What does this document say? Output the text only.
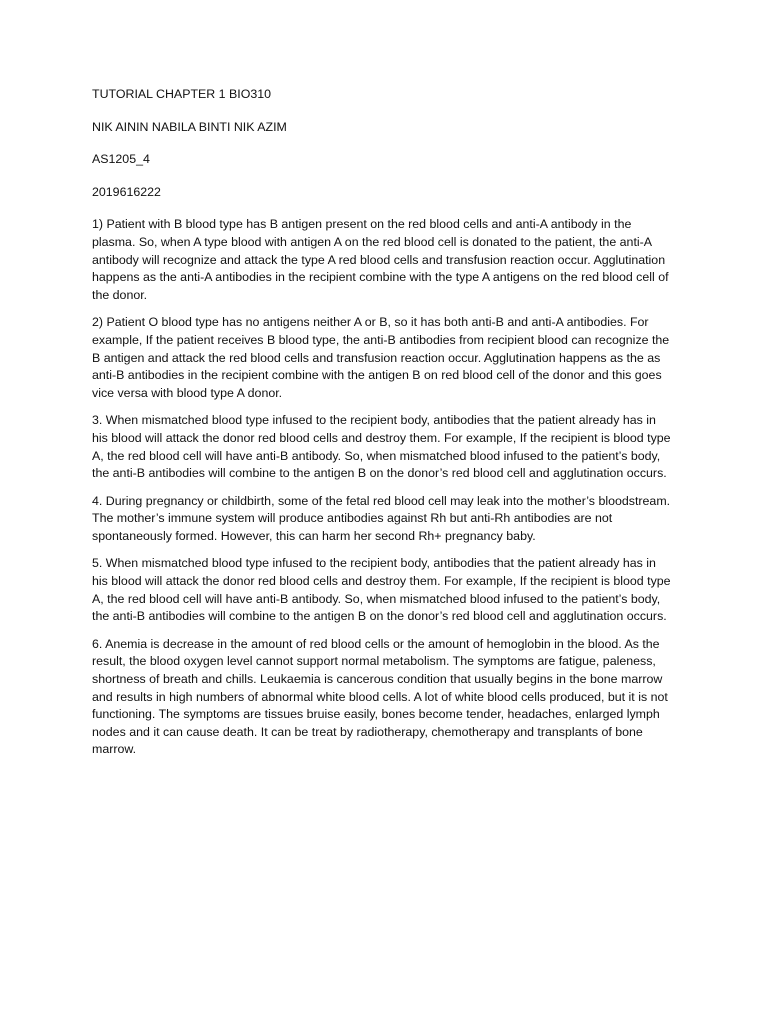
TUTORIAL CHAPTER 1 BIO310

NIK AININ NABILA BINTI NIK AZIM

AS1205_4

2019616222

1) Patient with B blood type has B antigen present on the red blood cells and anti-A antibody in the plasma. So, when A type blood with antigen A on the red blood cell is donated to the patient, the anti-A antibody will recognize and attack the type A red blood cells and transfusion reaction occur. Agglutination happens as the anti-A antibodies in the recipient combine with the type A antigens on the red blood cell of the donor.

2) Patient O blood type has no antigens neither A or B, so it has both anti-B and anti-A antibodies. For example, If the patient receives B blood type, the anti-B antibodies from recipient blood can recognize the B antigen and attack the red blood cells and transfusion reaction occur. Agglutination happens as the as anti-B antibodies in the recipient combine with the antigen B on red blood cell of the donor and this goes vice versa with blood type A donor.

3. When mismatched blood type infused to the recipient body, antibodies that the patient already has in his blood will attack the donor red blood cells and destroy them. For example, If the recipient is blood type A, the red blood cell will have anti-B antibody. So, when mismatched blood infused to the patient’s body, the anti-B antibodies will combine to the antigen B on the donor’s red blood cell and agglutination occurs.

4. During pregnancy or childbirth, some of the fetal red blood cell may leak into the mother’s bloodstream. The mother’s immune system will produce antibodies against Rh but anti-Rh antibodies are not spontaneously formed. However, this can harm her second Rh+ pregnancy baby.

5. When mismatched blood type infused to the recipient body, antibodies that the patient already has in his blood will attack the donor red blood cells and destroy them. For example, If the recipient is blood type A, the red blood cell will have anti-B antibody. So, when mismatched blood infused to the patient’s body, the anti-B antibodies will combine to the antigen B on the donor’s red blood cell and agglutination occurs.

6. Anemia is decrease in the amount of red blood cells or the amount of hemoglobin in the blood. As the result, the blood oxygen level cannot support normal metabolism. The symptoms are fatigue, paleness, shortness of breath and chills. Leukaemia is cancerous condition that usually begins in the bone marrow and results in high numbers of abnormal white blood cells. A lot of white blood cells produced, but it is not functioning. The symptoms are tissues bruise easily, bones become tender, headaches, enlarged lymph nodes and it can cause death. It can be treat by radiotherapy, chemotherapy and transplants of bone marrow.
